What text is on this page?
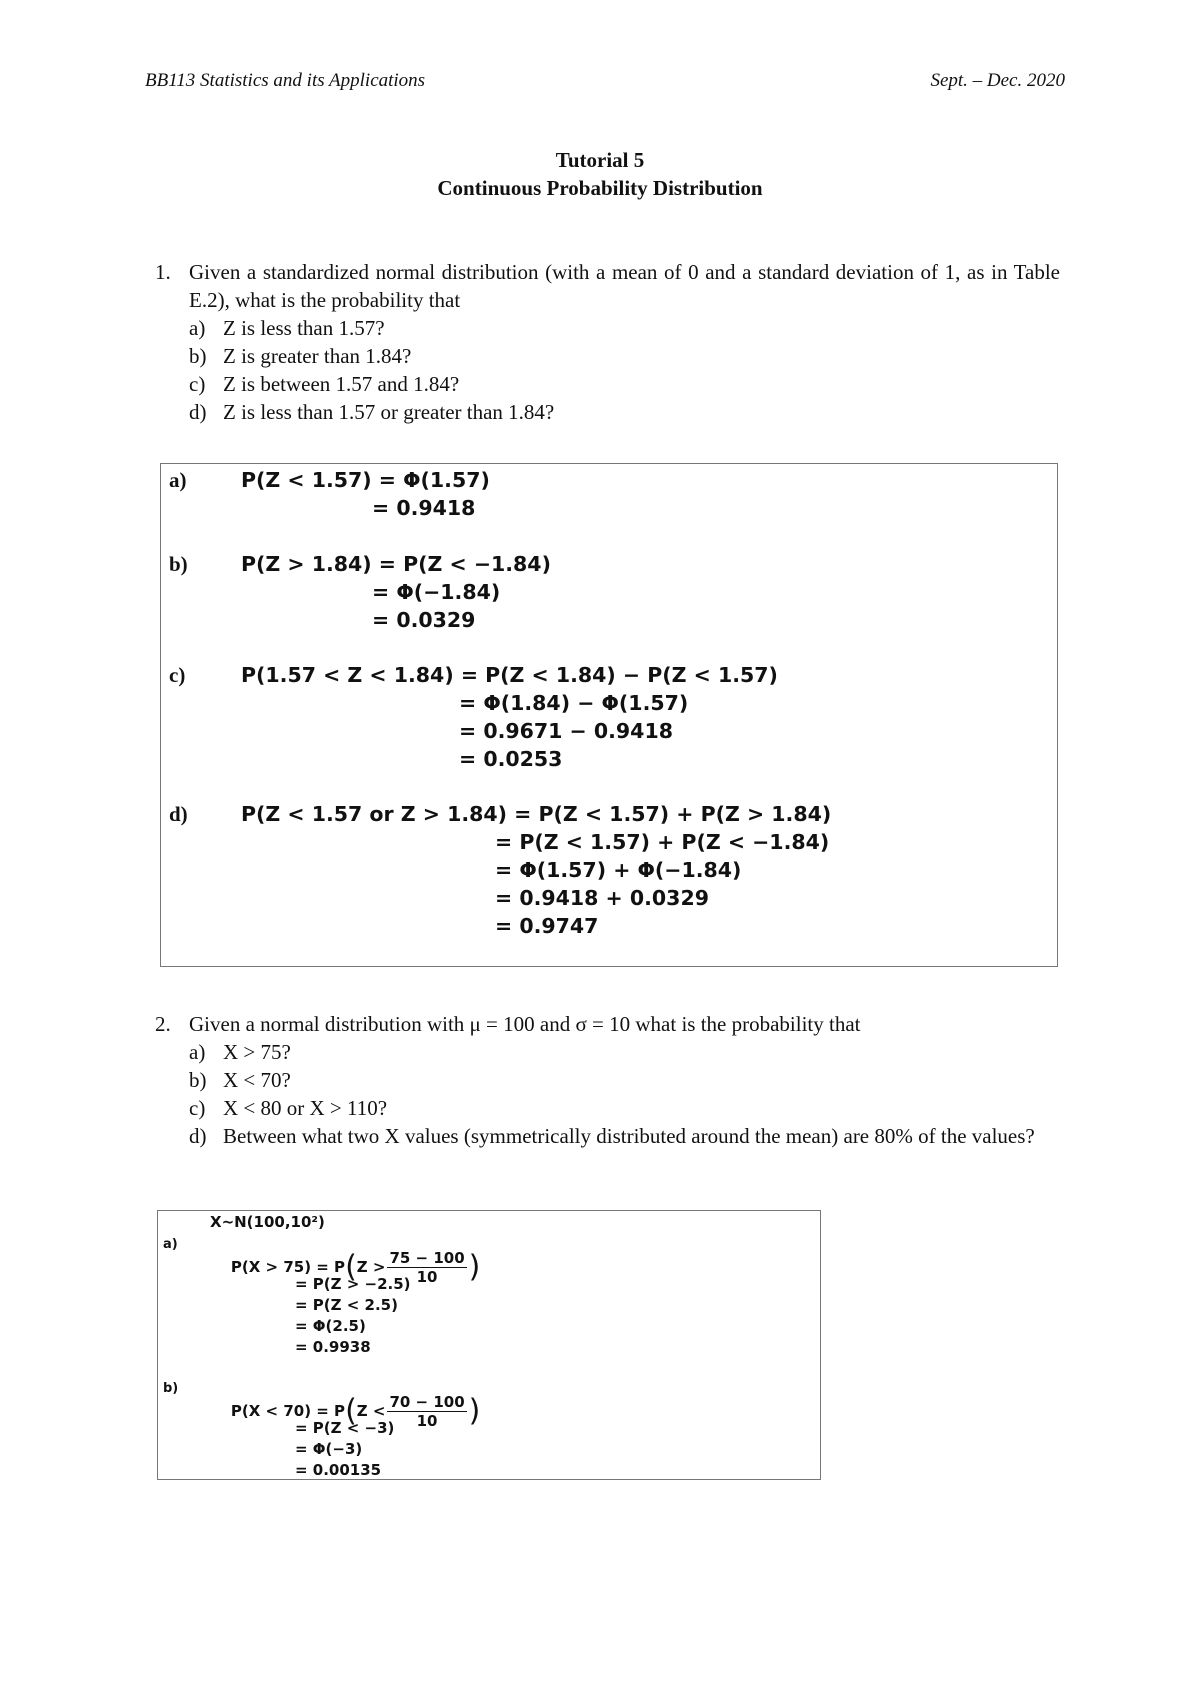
BB113 Statistics and its Applications	Sept. – Dec. 2020
Tutorial 5
Continuous Probability Distribution
1. Given a standardized normal distribution (with a mean of 0 and a standard deviation of 1, as in Table E.2), what is the probability that
a) Z is less than 1.57?
b) Z is greater than 1.84?
c) Z is between 1.57 and 1.84?
d) Z is less than 1.57 or greater than 1.84?
a)	P(Z < 1.57) = Φ(1.57)
= 0.9418
b)	P(Z > 1.84) = P(Z < −1.84)
= Φ(−1.84)
= 0.0329
c)	P(1.57 < Z < 1.84) = P(Z < 1.84) − P(Z < 1.57)
= Φ(1.84) − Φ(1.57)
= 0.9671 − 0.9418
= 0.0253
d)	P(Z < 1.57 or Z > 1.84) = P(Z < 1.57) + P(Z > 1.84)
= P(Z < 1.57) + P(Z < −1.84)
= Φ(1.57) + Φ(−1.84)
= 0.9418 + 0.0329
= 0.9747
2. Given a normal distribution with μ = 100 and σ = 10 what is the probability that
a) X > 75?
b) X < 70?
c) X < 80 or X > 110?
d) Between what two X values (symmetrically distributed around the mean) are 80% of the values?
X~N(100,10²)
a)

$P(X > 75) = P(Z > \frac{75 - 100}{10}$ )

= P(Z > −2.5)
= P(Z < 2.5)
= Φ(2.5)
= 0.9938
b)

$P(X < 70) = P(Z < \frac{70 - 100}{10}$ )

= P(Z < −3)
= Φ(−3)
= 0.00135
